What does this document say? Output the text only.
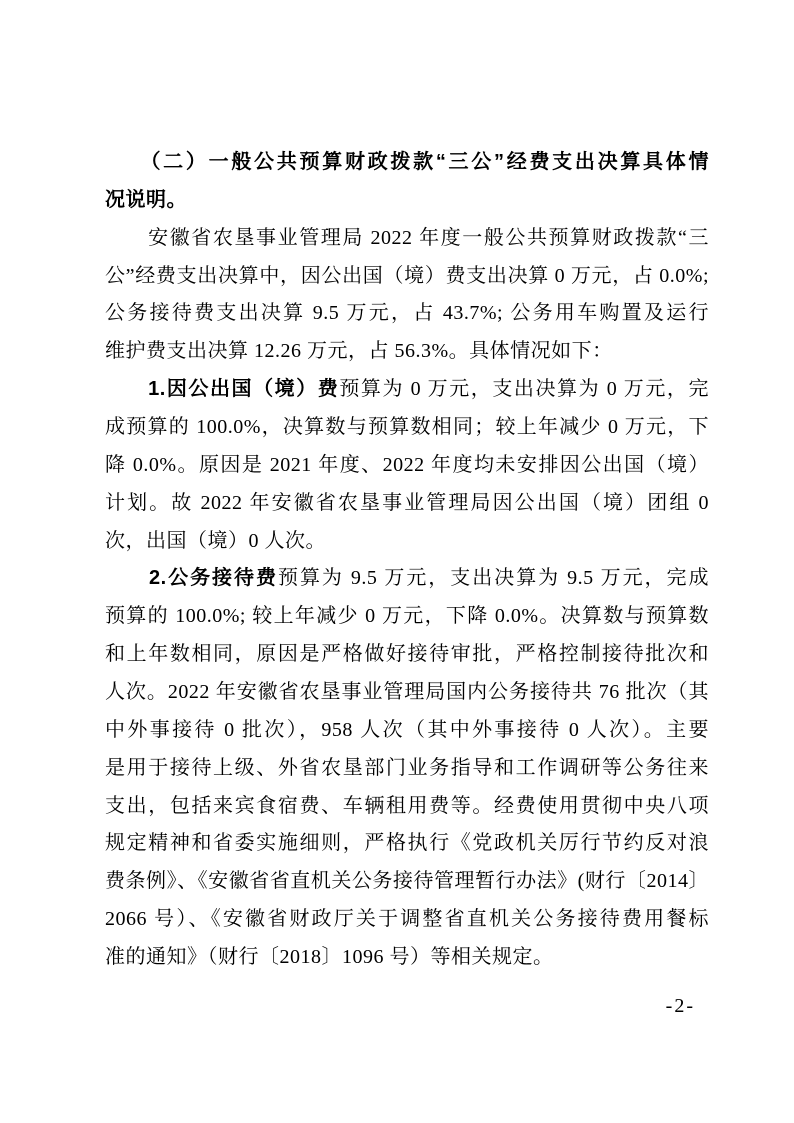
　　（二）一般公共预算财政拨款“三公”经费支出决算具体情
况说明。
　　安徽省农垦事业管理局 2022 年度一般公共预算财政拨款“三
公”经费支出决算中，因公出国（境）费支出决算 0 万元，占 0.0%;
公务接待费支出决算 9.5 万元，占 43.7%; 公务用车购置及运行
维护费支出决算 12.26 万元，占 56.3%。具体情况如下：
　　1.因公出国（境）费预算为 0 万元，支出决算为 0 万元，完
成预算的 100.0%，决算数与预算数相同；较上年减少 0 万元，下
降 0.0%。原因是 2021 年度、2022 年度均未安排因公出国（境）
计划。故 2022 年安徽省农垦事业管理局因公出国（境）团组 0
次，出国（境）0 人次。
　　2.公务接待费预算为 9.5 万元，支出决算为 9.5 万元，完成
预算的 100.0%; 较上年减少 0 万元，下降 0.0%。决算数与预算数
和上年数相同，原因是严格做好接待审批，严格控制接待批次和
人次。2022 年安徽省农垦事业管理局国内公务接待共 76 批次（其
中外事接待 0 批次），958 人次（其中外事接待 0 人次）。主要
是用于接待上级、外省农垦部门业务指导和工作调研等公务往来
支出，包括来宾食宿费、车辆租用费等。经费使用贯彻中央八项
规定精神和省委实施细则，严格执行《党政机关厉行节约反对浪
费条例》、《安徽省省直机关公务接待管理暂行办法》(财行〔2014〕
2066 号）、《安徽省财政厅关于调整省直机关公务接待费用餐标
准的通知》（财行〔2018〕1096 号）等相关规定。
-2-
